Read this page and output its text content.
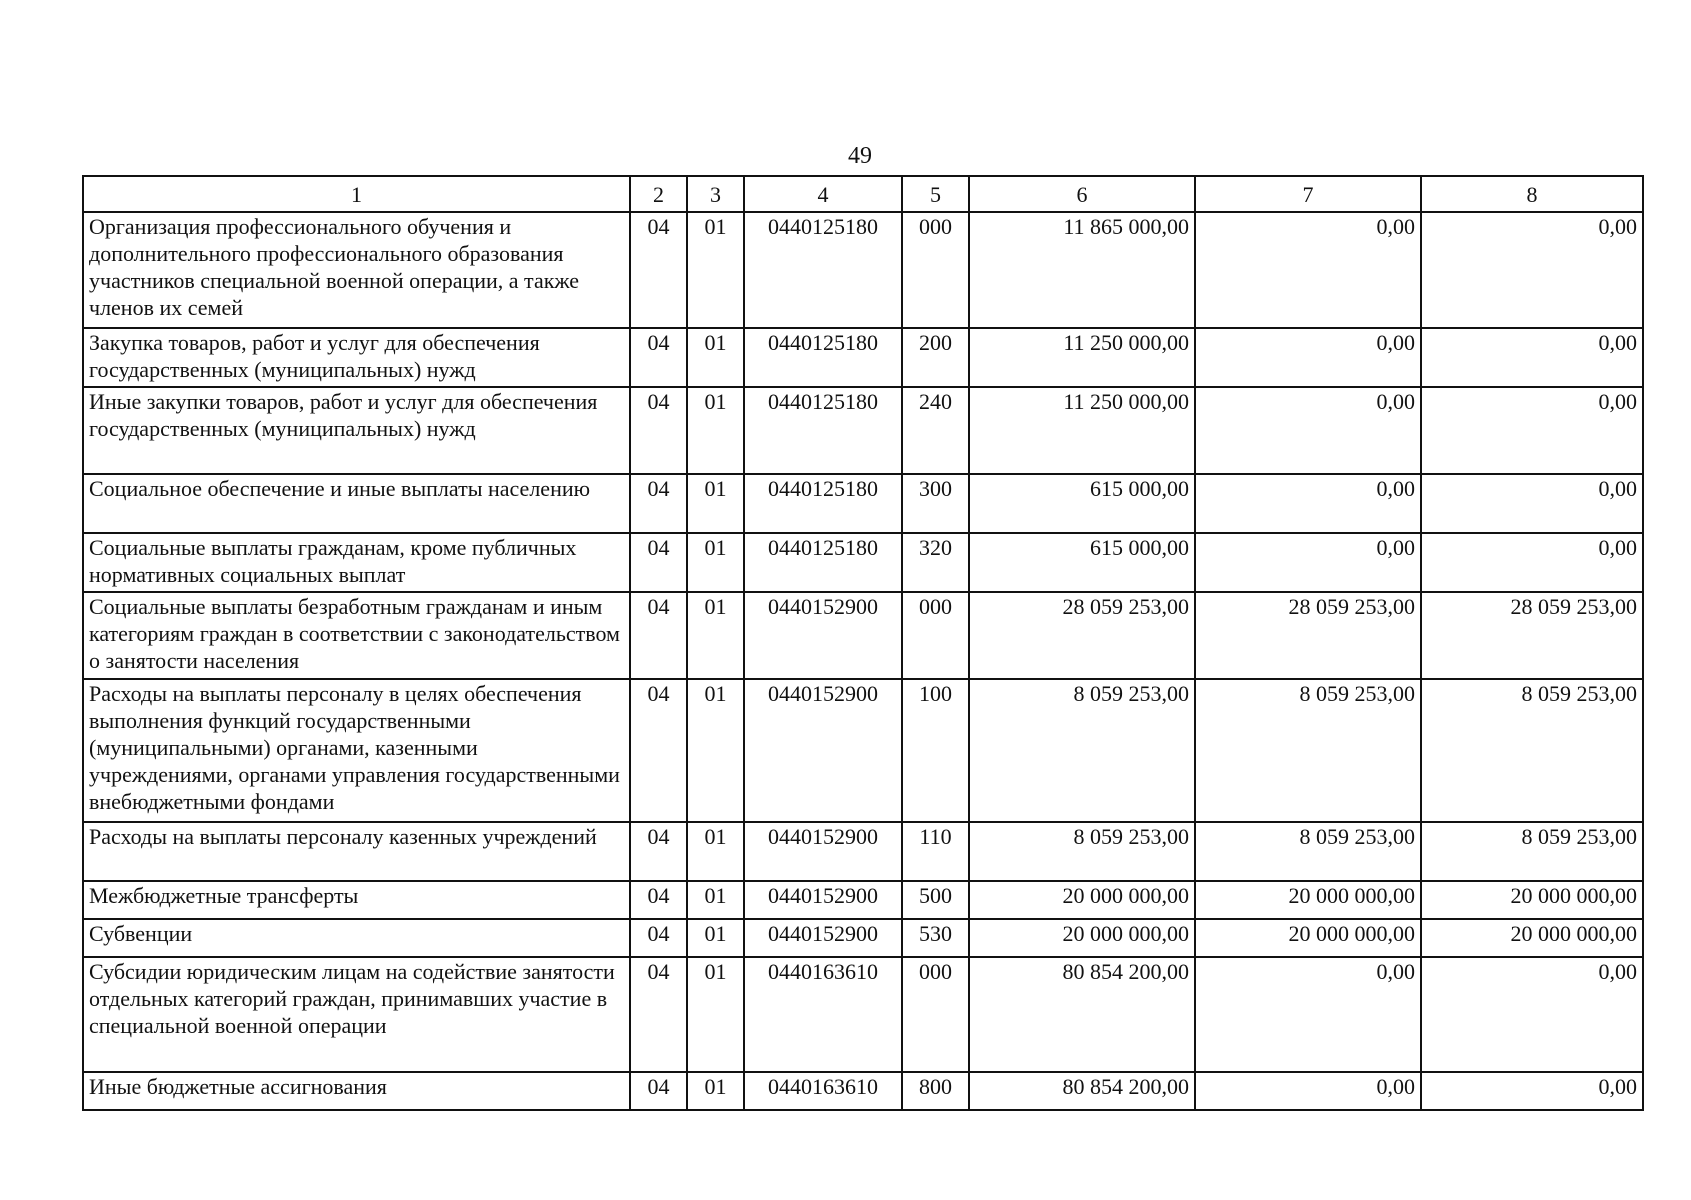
49
1	2	3	4	5	6	7	8
Организация профессионального обучения и дополнительного профессионального образования участников специальной военной операции, а также членов их семей	04	01	0440125180	000	11 865 000,00	0,00	0,00
Закупка товаров, работ и услуг для обеспечения государственных (муниципальных) нужд	04	01	0440125180	200	11 250 000,00	0,00	0,00
Иные закупки товаров, работ и услуг для обеспечения государственных (муниципальных) нужд	04	01	0440125180	240	11 250 000,00	0,00	0,00
Социальное обеспечение и иные выплаты населению	04	01	0440125180	300	615 000,00	0,00	0,00
Социальные выплаты гражданам, кроме публичных нормативных социальных выплат	04	01	0440125180	320	615 000,00	0,00	0,00
Социальные выплаты безработным гражданам и иным категориям граждан в соответствии с законодательством о занятости населения	04	01	0440152900	000	28 059 253,00	28 059 253,00	28 059 253,00
Расходы на выплаты персоналу в целях обеспечения выполнения функций государственными (муниципальными) органами, казенными учреждениями, органами управления государственными внебюджетными фондами	04	01	0440152900	100	8 059 253,00	8 059 253,00	8 059 253,00
Расходы на выплаты персоналу казенных учреждений	04	01	0440152900	110	8 059 253,00	8 059 253,00	8 059 253,00
Межбюджетные трансферты	04	01	0440152900	500	20 000 000,00	20 000 000,00	20 000 000,00
Субвенции	04	01	0440152900	530	20 000 000,00	20 000 000,00	20 000 000,00
Субсидии юридическим лицам на содействие занятости отдельных категорий граждан, принимавших участие в специальной военной операции	04	01	0440163610	000	80 854 200,00	0,00	0,00
Иные бюджетные ассигнования	04	01	0440163610	800	80 854 200,00	0,00	0,00
